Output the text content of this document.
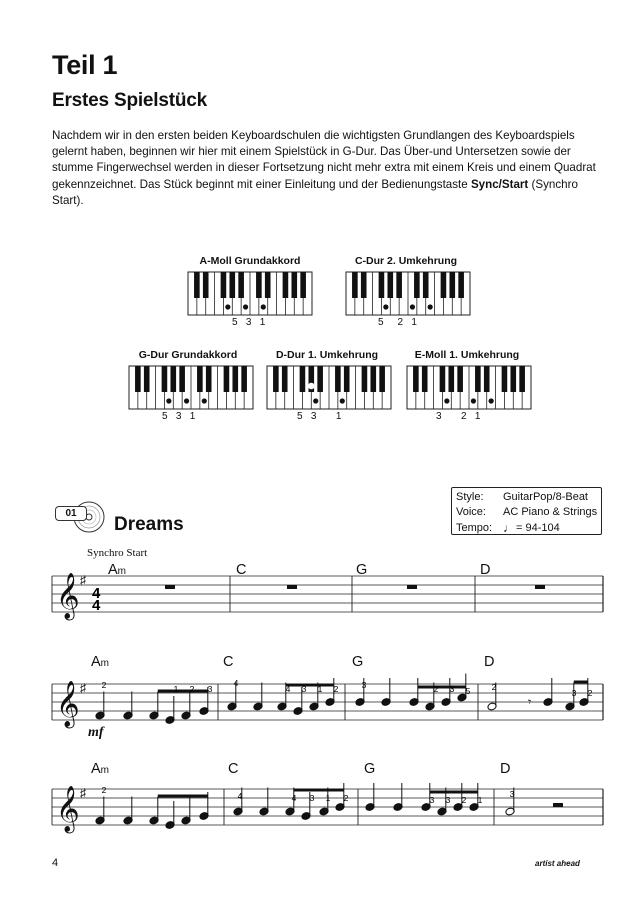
Teil 1
Erstes Spielstück
Nachdem wir in den ersten beiden Keyboardschulen die wichtigsten Grundlangen des Keyboardspiels gelernt haben, beginnen wir hier mit einem Spielstück in G-Dur. Das Über-und Untersetzen sowie der stumme Fingerwechsel werden in dieser Fortsetzung nicht mehr extra mit einem Kreis und einem Quadrat gekennzeichnet. Das Stück beginnt mit einer Einleitung und der Bedienungstaste Sync/Start (Synchro Start).
A-Moll Grundakkord	C-Dur 2. Umkehrung
G-Dur Grundakkord	D-Dur 1. Umkehrung	E-Moll 1. Umkehrung
5   3   1	5     2   1
5   3   1	5   3       1	3       2   1
01
Dreams
Style:	GuitarPop/8-Beat
Voice:	AC Piano & Strings
Tempo: ♩ = 94-104
Synchro Start
Am	C	G	D
Am	C	G	D
Am	C	G	D
𝄞 ♯
𝄞 ♯
𝄞 ♯
𝄾
4
4
2	1 2 3
4
4 3 1 2	3	2 3 5	2
3 2
2
4	4 3 1 2	3 3 2 1
3
mf
4	artist ahead
